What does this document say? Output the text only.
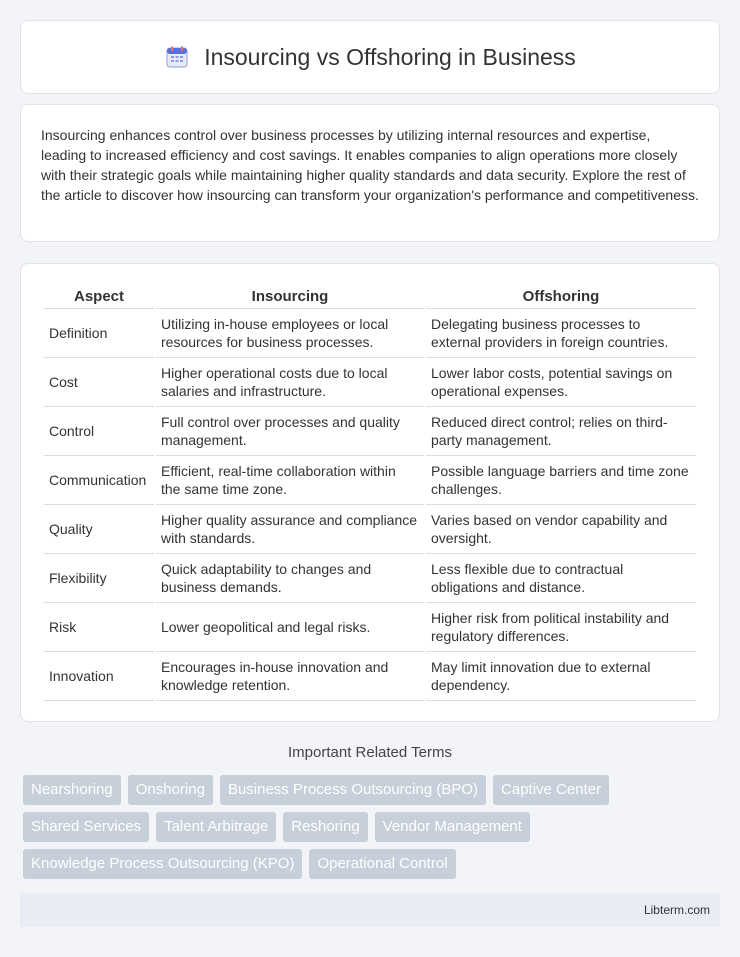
Insourcing vs Offshoring in Business

Insourcing enhances control over business processes by utilizing internal resources and expertise, leading to increased efficiency and cost savings. It enables companies to align operations more closely with their strategic goals while maintaining higher quality standards and data security. Explore the rest of the article to discover how insourcing can transform your organization's performance and competitiveness.

Aspect	Insourcing	Offshoring
Definition	Utilizing in-house employees or local resources for business processes.	Delegating business processes to external providers in foreign countries.
Cost	Higher operational costs due to local salaries and infrastructure.	Lower labor costs, potential savings on operational expenses.
Control	Full control over processes and quality management.	Reduced direct control; relies on third-party management.
Communication	Efficient, real-time collaboration within the same time zone.	Possible language barriers and time zone challenges.
Quality	Higher quality assurance and compliance with standards.	Varies based on vendor capability and oversight.
Flexibility	Quick adaptability to changes and business demands.	Less flexible due to contractual obligations and distance.
Risk	Lower geopolitical and legal risks.	Higher risk from political instability and regulatory differences.
Innovation	Encourages in-house innovation and knowledge retention.	May limit innovation due to external dependency.
Important Related Terms
Nearshoring	Onshoring	Business Process Outsourcing (BPO)	Captive Center
Shared Services	Talent Arbitrage	Reshoring	Vendor Management
Knowledge Process Outsourcing (KPO)	Operational Control
Libterm.com
